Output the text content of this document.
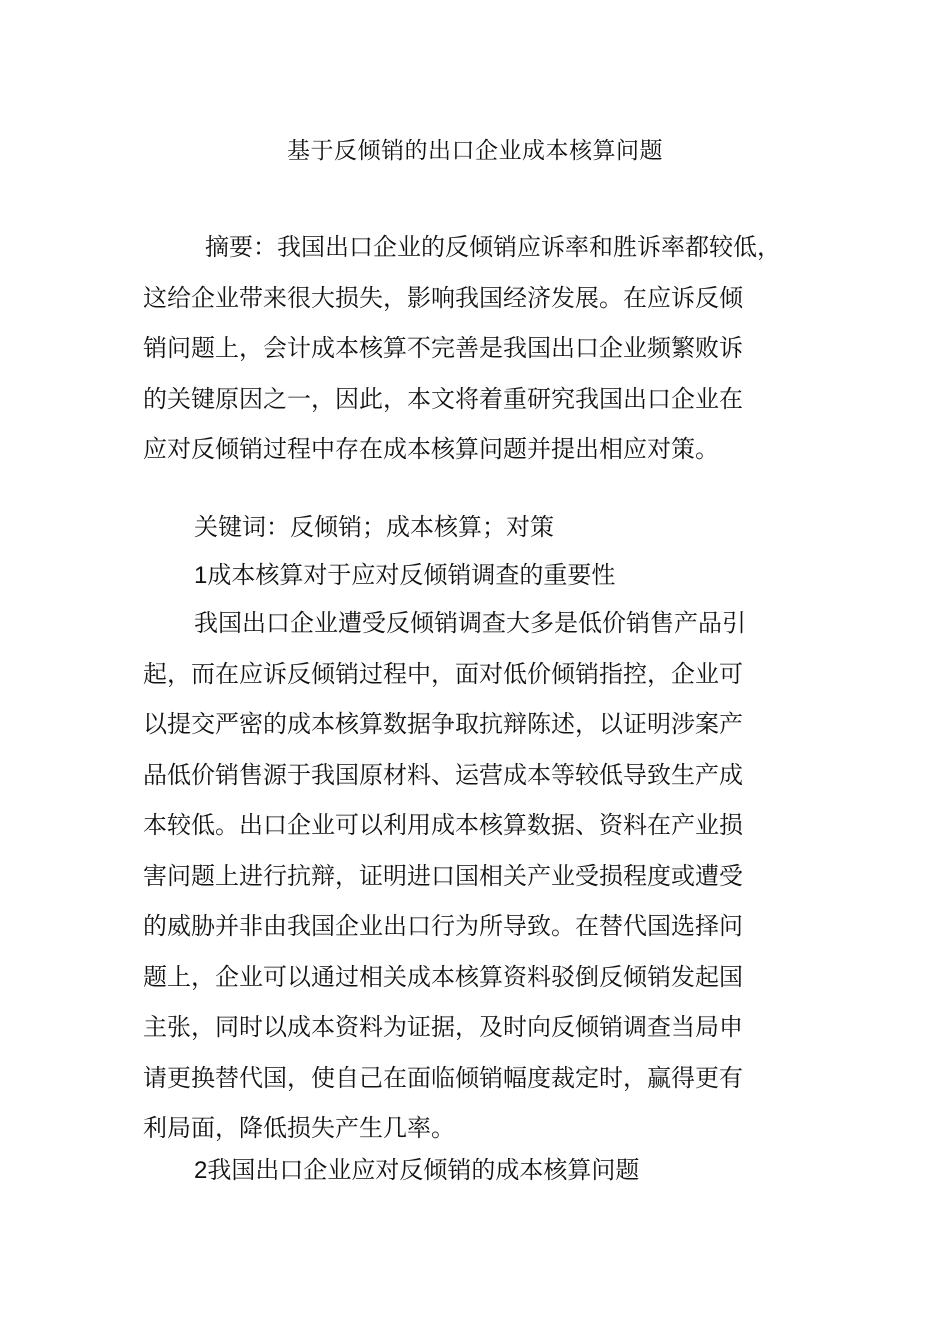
基于反倾销的出口企业成本核算问题
摘要：我国出口企业的反倾销应诉率和胜诉率都较低，
这给企业带来很大损失，影响我国经济发展。在应诉反倾
销问题上，会计成本核算不完善是我国出口企业频繁败诉
的关键原因之一，因此，本文将着重研究我国出口企业在
应对反倾销过程中存在成本核算问题并提出相应对策。
关键词：反倾销；成本核算；对策
1成本核算对于应对反倾销调查的重要性
我国出口企业遭受反倾销调查大多是低价销售产品引
起，而在应诉反倾销过程中，面对低价倾销指控，企业可
以提交严密的成本核算数据争取抗辩陈述，以证明涉案产
品低价销售源于我国原材料、运营成本等较低导致生产成
本较低。出口企业可以利用成本核算数据、资料在产业损
害问题上进行抗辩，证明进口国相关产业受损程度或遭受
的威胁并非由我国企业出口行为所导致。在替代国选择问
题上，企业可以通过相关成本核算资料驳倒反倾销发起国
主张，同时以成本资料为证据，及时向反倾销调查当局申
请更换替代国，使自己在面临倾销幅度裁定时，赢得更有
利局面，降低损失产生几率。
2我国出口企业应对反倾销的成本核算问题
